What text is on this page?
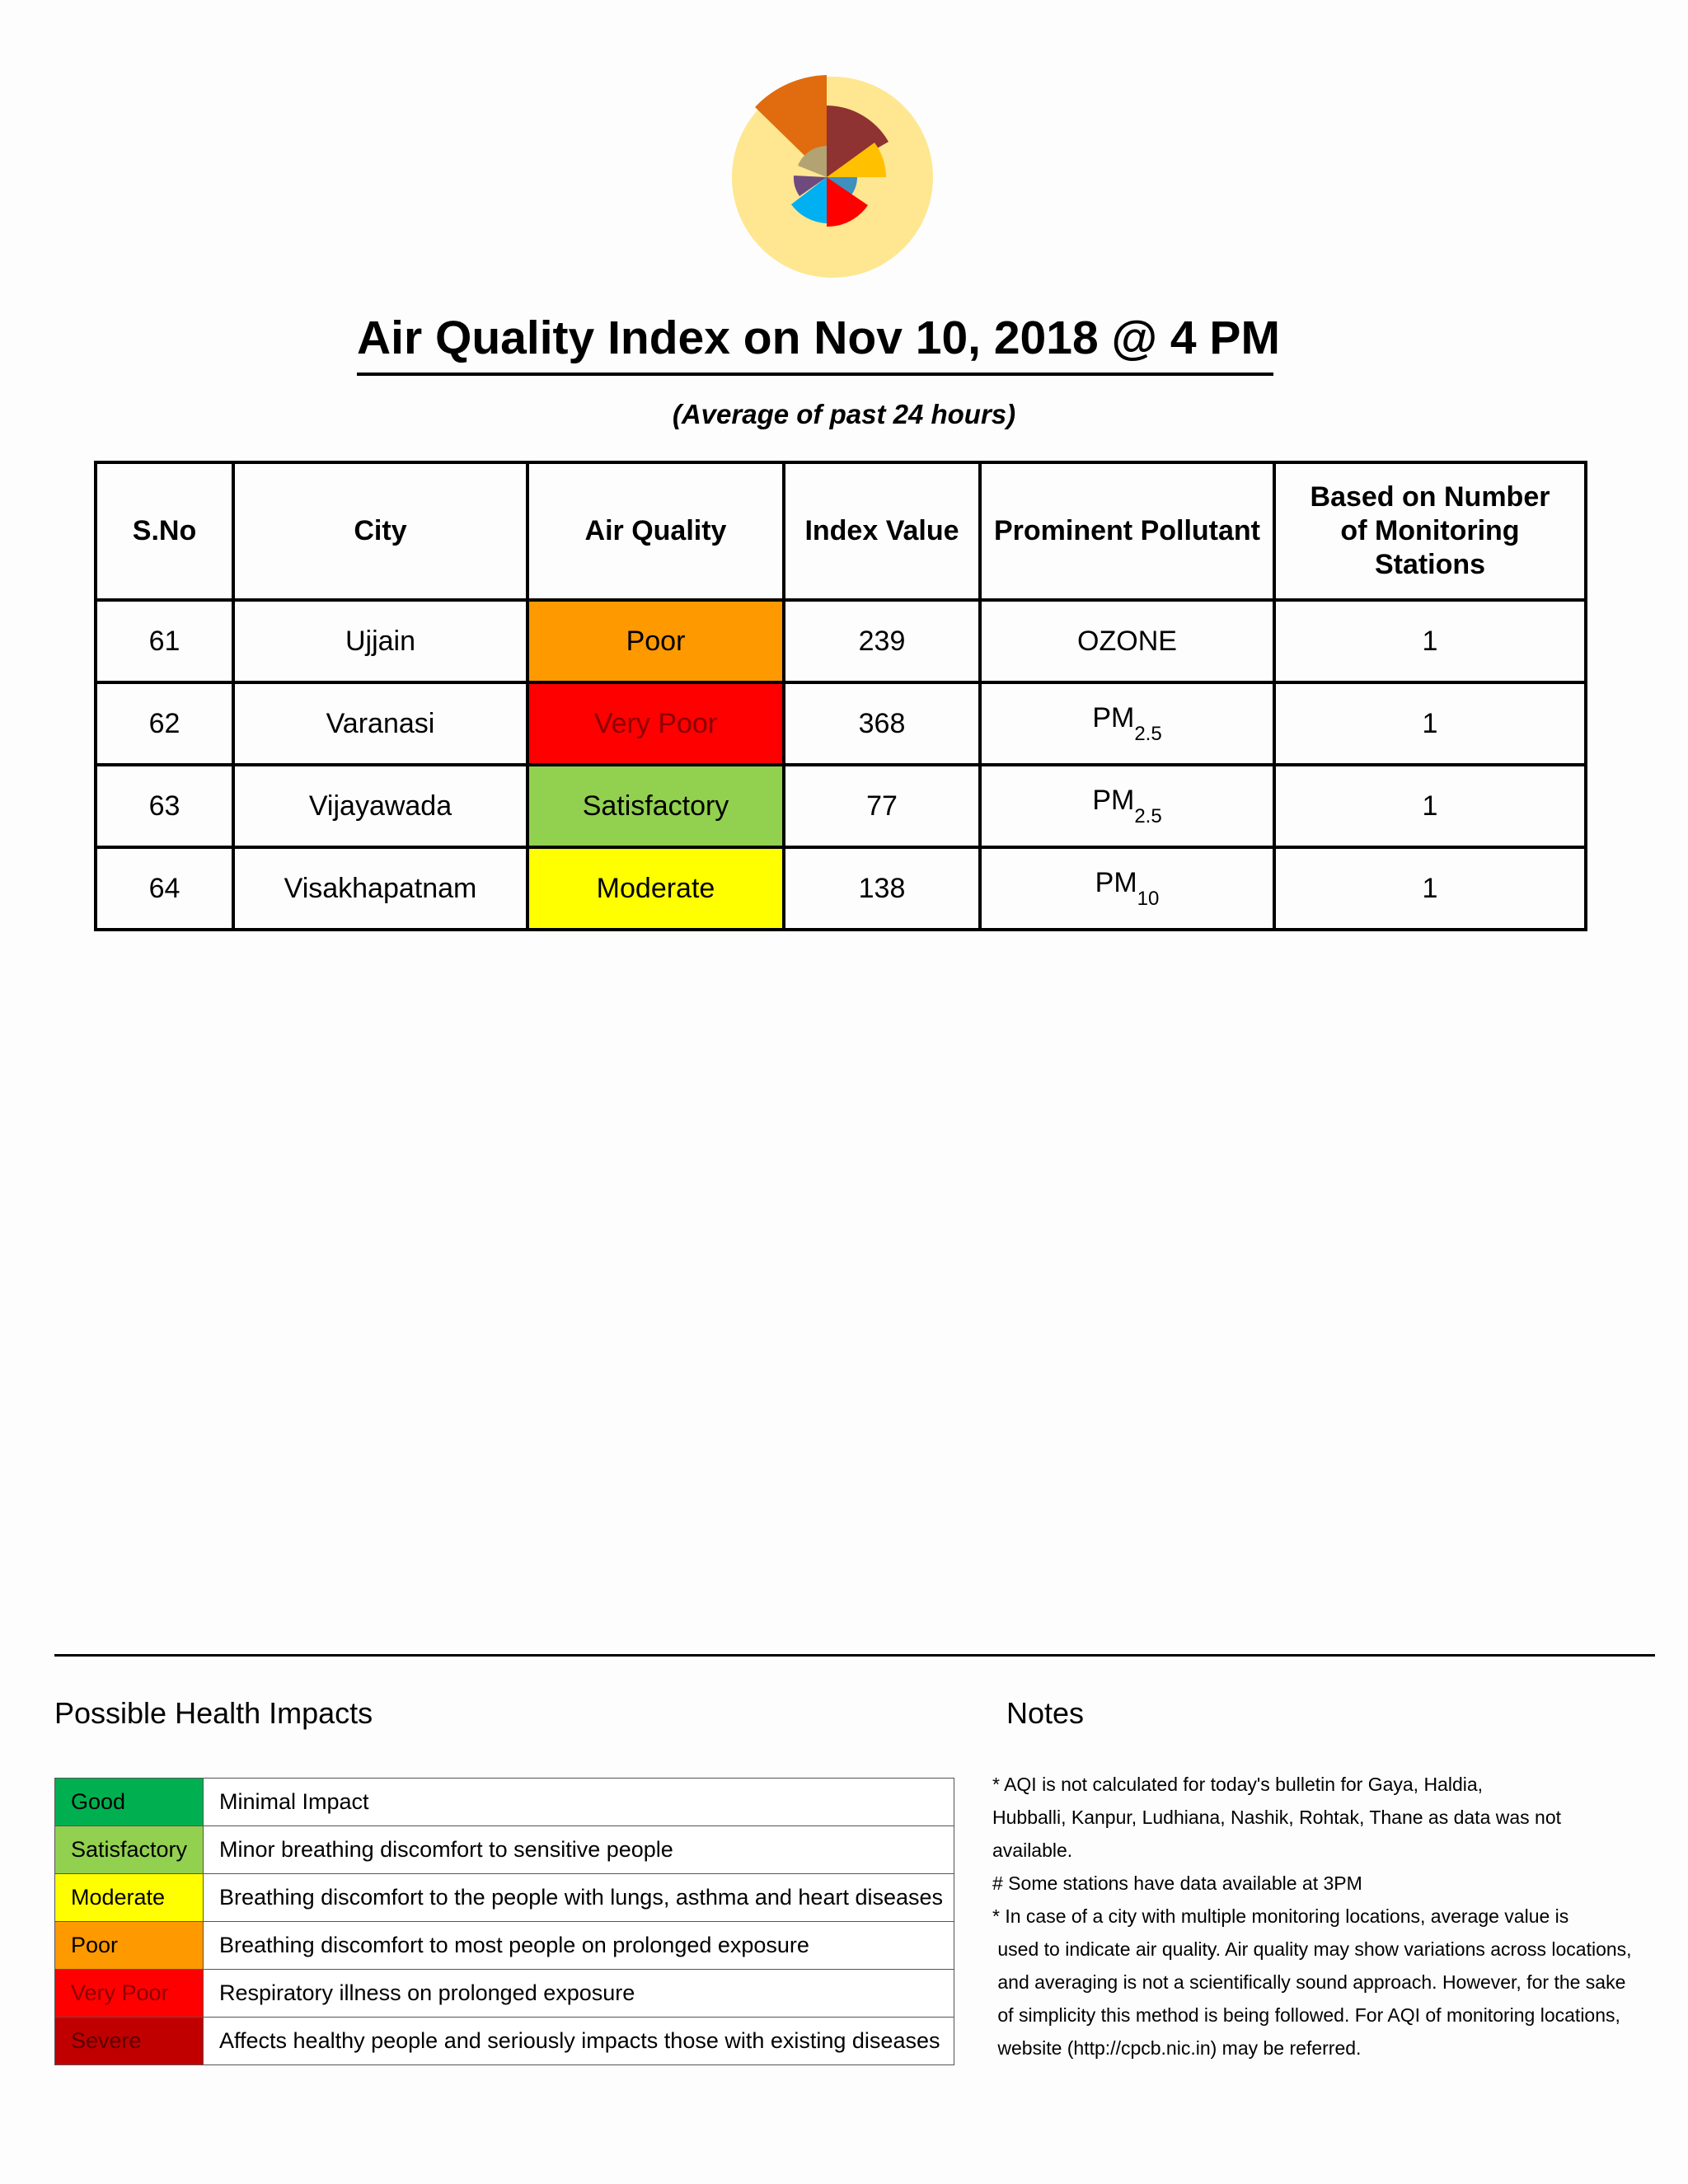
Air Quality Index on Nov 10, 2018 @ 4 PM
(Average of past 24 hours)
S.No	City	Air Quality	Index Value	Prominent Pollutant	Based on Number of Monitoring Stations
61	Ujjain	Poor	239	OZONE	1
62	Varanasi	Very Poor	368	$PM_{2.5}$	1
63	Vijayawada	Satisfactory	77	$PM_{2.5}$	1
64	Visakhapatnam	Moderate	138	$PM_{10}$	1
Possible Health Impacts	Notes
Good	Minimal Impact
Satisfactory	Minor breathing discomfort to sensitive people
Moderate	Breathing discomfort to the people with lungs, asthma and heart diseases
Poor	Breathing discomfort to most people on prolonged exposure
Very Poor	Respiratory illness on prolonged exposure
Severe	Affects healthy people and seriously impacts those with existing diseases
* AQI is not calculated for today's bulletin for Gaya, Haldia,
Hubballi, Kanpur, Ludhiana, Nashik, Rohtak, Thane as data was not
available.
# Some stations have data available at 3PM
* In case of a city with multiple monitoring locations, average value is
used to indicate air quality. Air quality may show variations across locations,
and averaging is not a scientifically sound approach. However, for the sake
of simplicity this method is being followed. For AQI of monitoring locations,
website (http://cpcb.nic.in) may be referred.
